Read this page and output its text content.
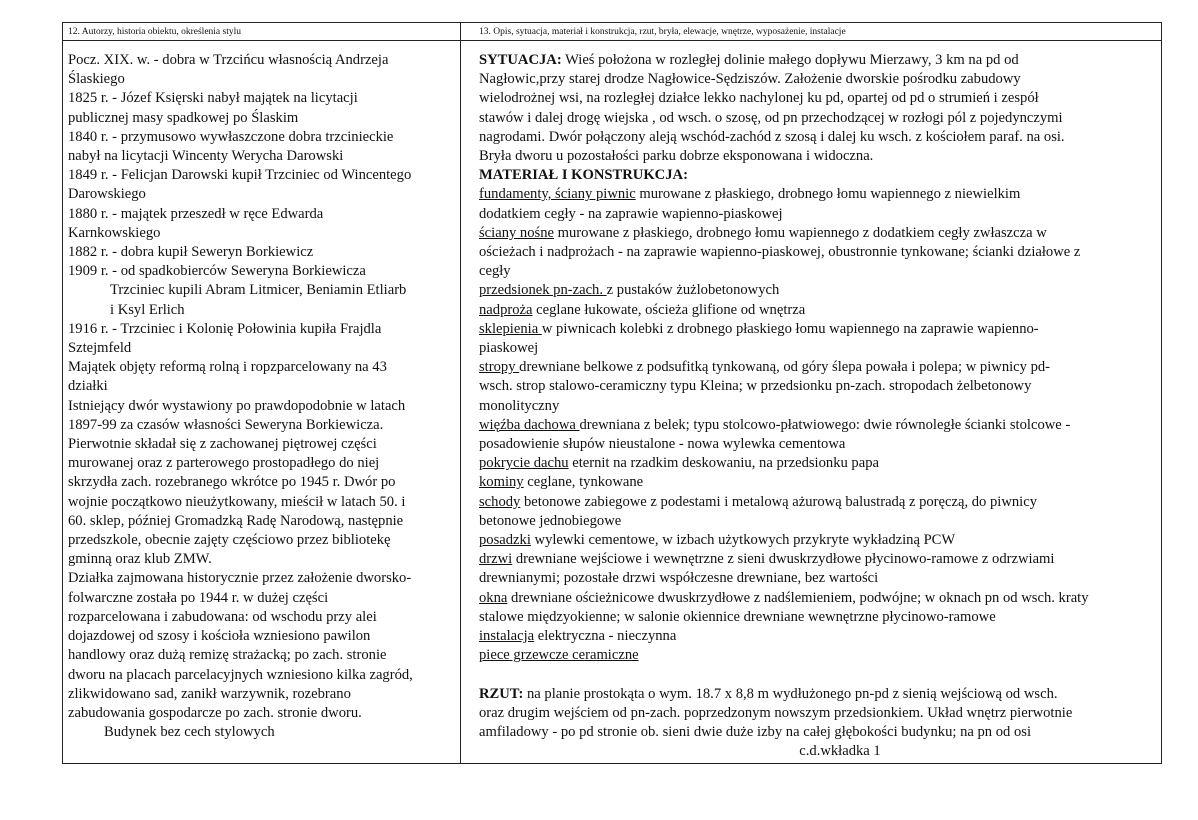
12. Autorzy, historia obiektu, określenia stylu	13. Opis, sytuacja, materiał i konstrukcja, rzut, bryła, elewacje, wnętrze, wyposażenie, instalacje

Pocz. XIX. w. - dobra w Trzcińcu własnością Andrzeja

Ślaskiego

1825 r. - Józef Księrski nabył majątek na licytacji

publicznej masy spadkowej po Ślaskim

1840 r. - przymusowo wywłaszczone dobra trzcinieckie

nabył na licytacji Wincenty Werycha Darowski

1849 r. - Felicjan Darowski kupił Trzciniec od Wincentego

Darowskiego

1880 r. - majątek przeszedł w ręce Edwarda

Karnkowskiego

1882 r. - dobra kupił Seweryn Borkiewicz

1909 r. - od spadkobierców Seweryna Borkiewicza

Trzciniec kupili Abram Litmicer, Beniamin Etliarb

i Ksyl Erlich

1916 r. - Trzciniec i Kolonię Połowinia kupiła Frajdla

Sztejmfeld

Majątek objęty reformą rolną i ropzparcelowany na 43

działki

Istniejący dwór wystawiony po prawdopodobnie w latach

1897-99 za czasów własności Seweryna Borkiewicza.

Pierwotnie składał się z zachowanej piętrowej części

murowanej oraz z parterowego prostopadłego do niej

skrzydła zach. rozebranego wkrótce po 1945 r. Dwór po

wojnie początkowo nieużytkowany, mieścił w latach 50. i

60. sklep, później Gromadzką Radę Narodową, następnie

przedszkole, obecnie zajęty częściowo przez bibliotekę

gminną oraz klub ZMW.

Działka zajmowana historycznie przez założenie dworsko-

folwarczne została po 1944 r. w dużej części

rozparcelowana i zabudowana: od wschodu przy alei

dojazdowej od szosy i kościoła wzniesiono pawilon

handlowy oraz dużą remizę strażacką; po zach. stronie

dworu na placach parcelacyjnych wzniesiono kilka zagród,

zlikwidowano sad, zanikł warzywnik, rozebrano

zabudowania gospodarcze po zach. stronie dworu.

Budynek bez cech stylowych

SYTUACJA: Wieś położona w rozległej dolinie małego dopływu Mierzawy, 3 km na pd od

Nagłowic,przy starej drodze Nagłowice-Sędziszów. Założenie dworskie pośrodku zabudowy

wielodrożnej wsi, na rozległej działce lekko nachylonej ku pd, opartej od pd o strumień i zespół

stawów i dalej drogę wiejska , od wsch. o szosę, od pn przechodzącej w rozłogi pól z pojedynczymi

nagrodami. Dwór połączony aleją wschód-zachód z szosą i dalej ku wsch. z kościołem paraf. na osi.

Bryła dworu u pozostałości parku dobrze eksponowana i widoczna.

MATERIAŁ I KONSTRUKCJA:

fundamenty, ściany piwnic murowane z płaskiego, drobnego łomu wapiennego z niewielkim

dodatkiem cegły - na zaprawie wapienno-piaskowej

ściany nośne murowane z płaskiego, drobnego łomu wapiennego z dodatkiem cegły zwłaszcza w

ościeżach i nadprożach - na zaprawie wapienno-piaskowej, obustronnie tynkowane; ścianki działowe z

cegły

przedsionek pn-zach. z pustaków żużlobetonowych

nadproża ceglane łukowate, ościeża glifione od wnętrza

sklepienia w piwnicach kolebki z drobnego płaskiego łomu wapiennego na zaprawie wapienno-

piaskowej

stropy drewniane belkowe z podsufitką tynkowaną, od góry ślepa powała i polepa; w piwnicy pd-

wsch. strop stalowo-ceramiczny typu Kleina; w przedsionku pn-zach. stropodach żelbetonowy

monolityczny

więźba dachowa drewniana z belek; typu stolcowo-płatwiowego: dwie równoległe ścianki stolcowe -

posadowienie słupów nieustalone - nowa wylewka cementowa

pokrycie dachu eternit na rzadkim deskowaniu, na przedsionku papa

kominy ceglane, tynkowane

schody betonowe zabiegowe z podestami i metalową ażurową balustradą z poręczą, do piwnicy

betonowe jednobiegowe

posadzki wylewki cementowe, w izbach użytkowych przykryte wykładziną PCW

drzwi drewniane wejściowe i wewnętrzne z sieni dwuskrzydłowe płycinowo-ramowe z odrzwiami

drewnianymi; pozostałe drzwi współczesne drewniane, bez wartości

okna drewniane ościeżnicowe dwuskrzydłowe z nadślemieniem, podwójne; w oknach pn od wsch. kraty

stalowe międzyokienne; w salonie okiennice drewniane wewnętrzne płycinowo-ramowe

instalacja elektryczna - nieczynna

piece grzewcze ceramiczne

RZUT: na planie prostokąta o wym. 18.7 x 8,8 m wydłużonego pn-pd z sienią wejściową od wsch.

oraz drugim wejściem od pn-zach. poprzedzonym nowszym przedsionkiem. Układ wnętrz pierwotnie

amfiladowy - po pd stronie ob. sieni dwie duże izby na całej głębokości budynku; na pn od osi

c.d.wkładka 1
